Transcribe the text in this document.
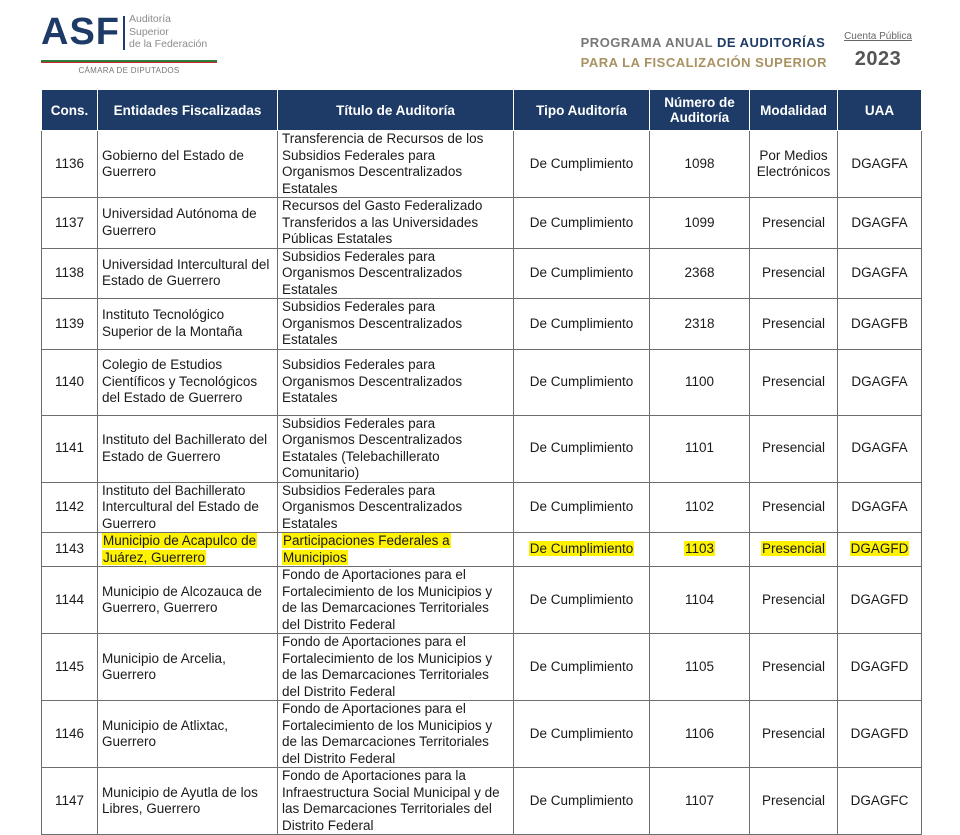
ASF Auditoría
Superior
de la Federación
CÁMARA DE DIPUTADOS
PROGRAMA ANUAL DE AUDITORÍAS
PARA LA FISCALIZACIÓN SUPERIOR
Cuenta Pública
2023
Cons.	Entidades Fiscalizadas	Título de Auditoría	Tipo Auditoría	Número de Auditoría	Modalidad	UAA
1136	Gobierno del Estado de Guerrero	Transferencia de Recursos de los Subsidios Federales para Organismos Descentralizados Estatales	De Cumplimiento	1098	Por Medios Electrónicos	DGAGFA
1137	Universidad Autónoma de Guerrero	Recursos del Gasto Federalizado Transferidos a las Universidades Públicas Estatales	De Cumplimiento	1099	Presencial	DGAGFA
1138	Universidad Intercultural del Estado de Guerrero	Subsidios Federales para Organismos Descentralizados Estatales	De Cumplimiento	2368	Presencial	DGAGFA
1139	Instituto Tecnológico Superior de la Montaña	Subsidios Federales para Organismos Descentralizados Estatales	De Cumplimiento	2318	Presencial	DGAGFB
1140	Colegio de Estudios Científicos y Tecnológicos del Estado de Guerrero	Subsidios Federales para Organismos Descentralizados Estatales	De Cumplimiento	1100	Presencial	DGAGFA
1141	Instituto del Bachillerato del Estado de Guerrero	Subsidios Federales para Organismos Descentralizados Estatales (Telebachillerato Comunitario)	De Cumplimiento	1101	Presencial	DGAGFA
1142	Instituto del Bachillerato Intercultural del Estado de Guerrero	Subsidios Federales para Organismos Descentralizados Estatales	De Cumplimiento	1102	Presencial	DGAGFA
1143	Municipio de Acapulco de Juárez, Guerrero	Participaciones Federales a Municipios	De Cumplimiento	1103	Presencial	DGAGFD
1144	Municipio de Alcozauca de Guerrero, Guerrero	Fondo de Aportaciones para el Fortalecimiento de los Municipios y de las Demarcaciones Territoriales del Distrito Federal	De Cumplimiento	1104	Presencial	DGAGFD
1145	Municipio de Arcelia, Guerrero	Fondo de Aportaciones para el Fortalecimiento de los Municipios y de las Demarcaciones Territoriales del Distrito Federal	De Cumplimiento	1105	Presencial	DGAGFD
1146	Municipio de Atlixtac, Guerrero	Fondo de Aportaciones para el Fortalecimiento de los Municipios y de las Demarcaciones Territoriales del Distrito Federal	De Cumplimiento	1106	Presencial	DGAGFD
1147	Municipio de Ayutla de los Libres, Guerrero	Fondo de Aportaciones para la Infraestructura Social Municipal y de las Demarcaciones Territoriales del Distrito Federal	De Cumplimiento	1107	Presencial	DGAGFC
